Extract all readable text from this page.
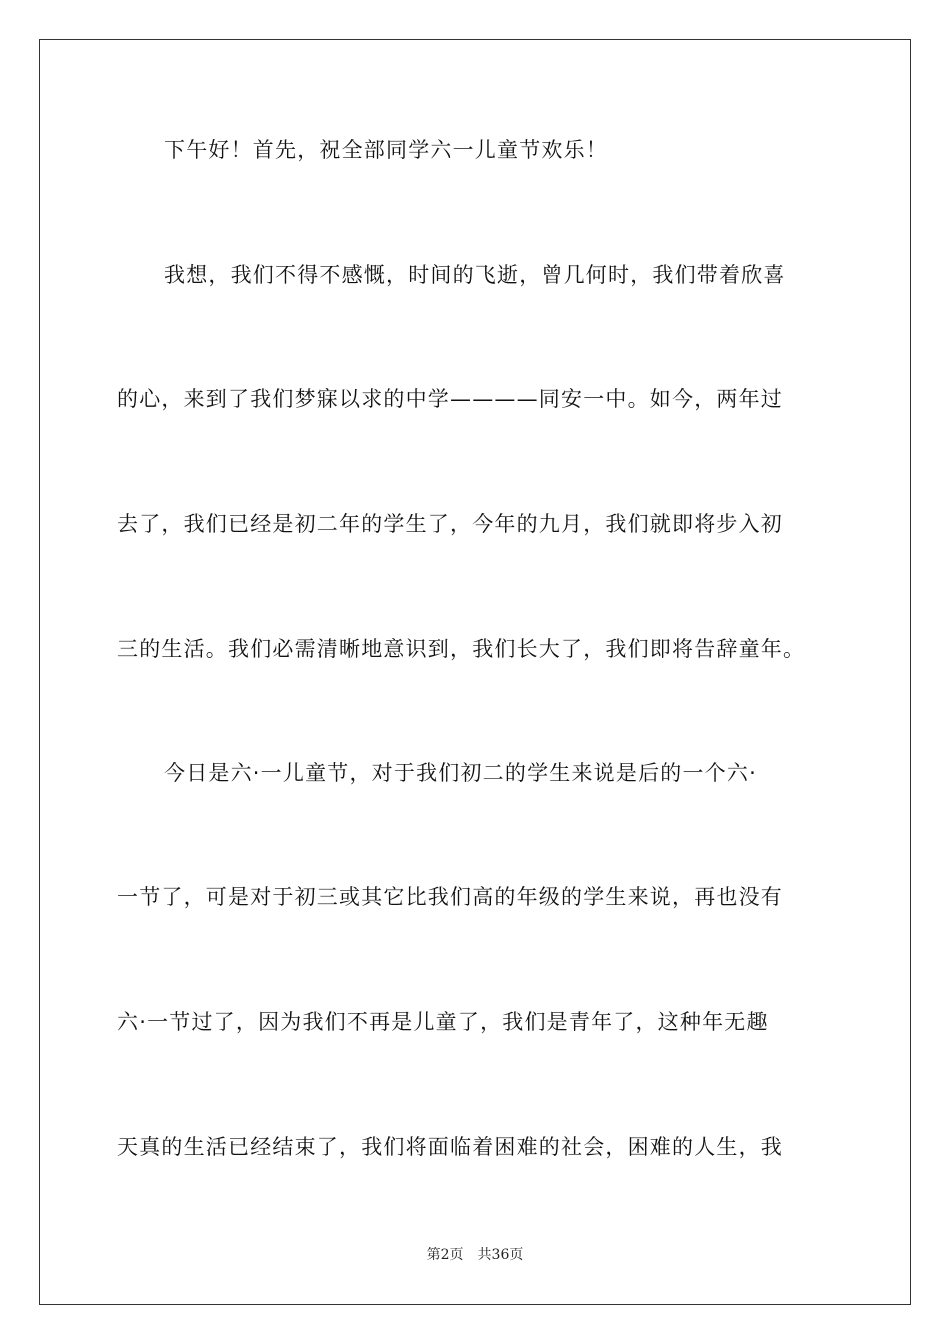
下午好！首先，祝全部同学六一儿童节欢乐！
我想，我们不得不感慨，时间的飞逝，曾几何时，我们带着欣喜
的心，来到了我们梦寐以求的中学————同安一中。如今，两年过
去了，我们已经是初二年的学生了，今年的九月，我们就即将步入初
三的生活。我们必需清晰地意识到，我们长大了，我们即将告辞童年。
今日是六·一儿童节，对于我们初二的学生来说是后的一个六·
一节了，可是对于初三或其它比我们高的年级的学生来说，再也没有
六·一节过了，因为我们不再是儿童了，我们是青年了，这种年无趣
天真的生活已经结束了，我们将面临着困难的社会，困难的人生，我
第2页 共36页
